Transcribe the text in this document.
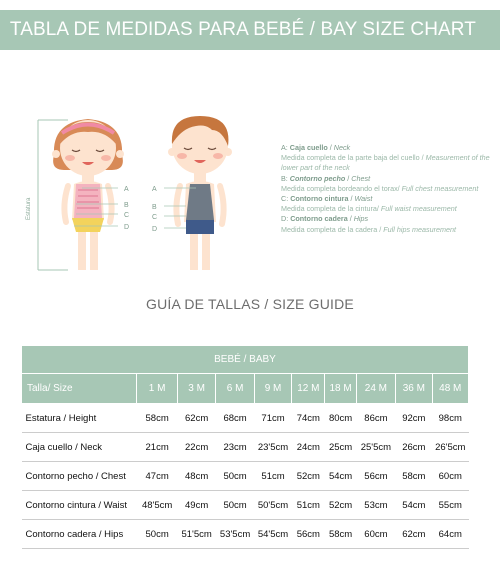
TABLA DE MEDIDAS PARA BEBÉ / BAY SIZE CHART
Estatura
A
B
C
D
A
B
C
D
A: Caja cuello / Neck
Medida completa de la parte baja del cuello / Measurement of the lower part of the neck
B: Contorno pecho / Chest
Medida completa bordeando el torax/ Full chest measurement
C: Contorno cintura / Waist
Medida completa de la cintura/ Full waist measurement
D: Contorno cadera / Hips
Medida completa de la cadera / Full hips measurement
GUÍA DE TALLAS / SIZE GUIDE
BEBÉ / BABY									
Talla/ Size	1 M	3 M	6 M	9 M	12 M	18 M	24 M	36 M	48 M
Estatura / Height	58cm	62cm	68cm	71cm	74cm	80cm	86cm	92cm	98cm
Caja cuello / Neck	21cm	22cm	23cm	23'5cm	24cm	25cm	25'5cm	26cm	26'5cm
Contorno pecho / Chest	47cm	48cm	50cm	51cm	52cm	54cm	56cm	58cm	60cm
Contorno cintura / Waist	48'5cm	49cm	50cm	50'5cm	51cm	52cm	53cm	54cm	55cm
Contorno cadera / Hips	50cm	51'5cm	53'5cm	54'5cm	56cm	58cm	60cm	62cm	64cm
